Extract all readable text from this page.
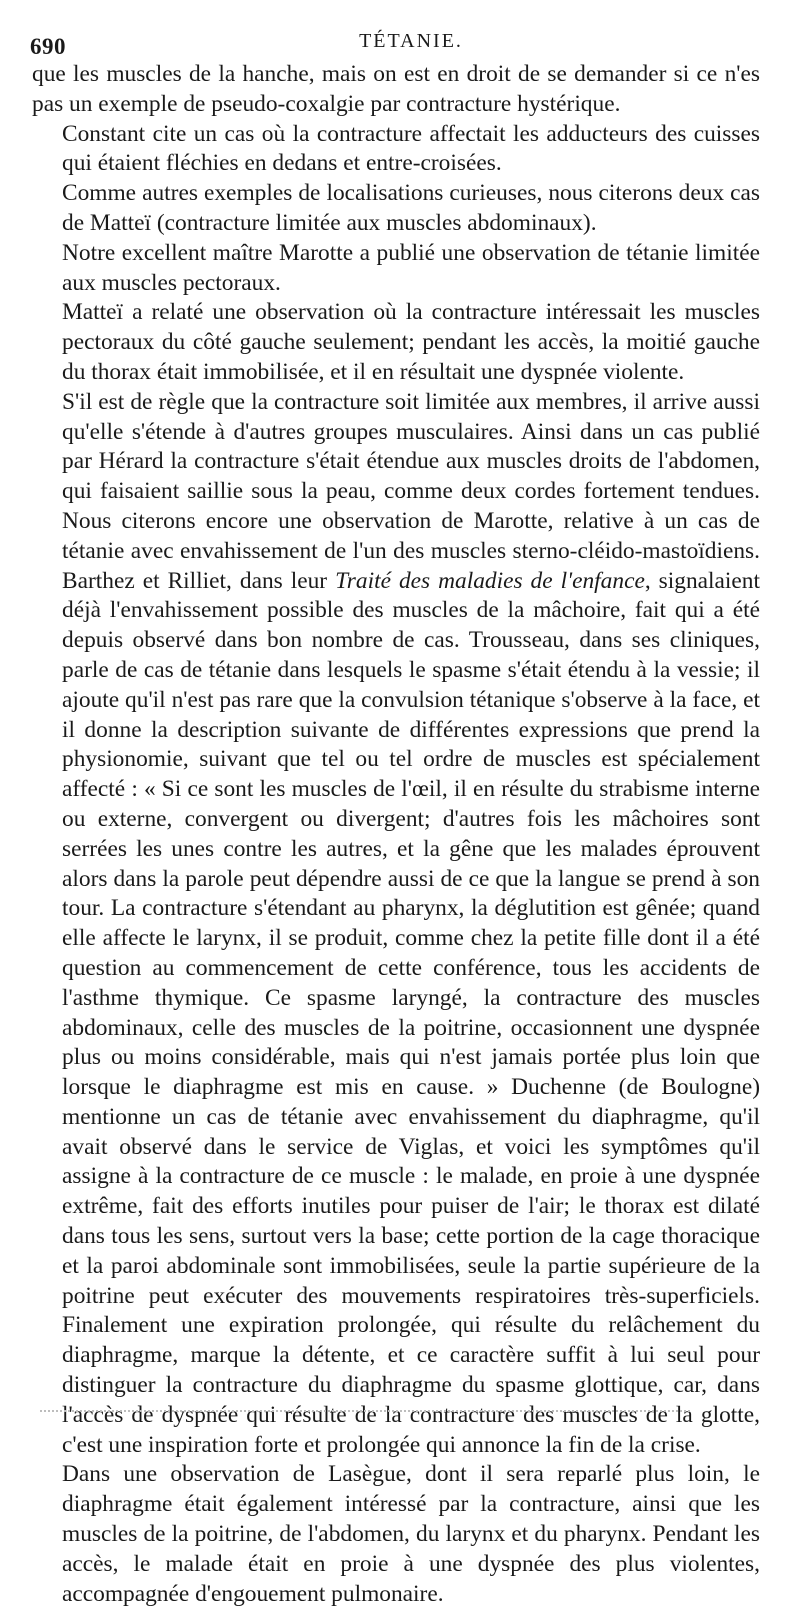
690	TÉTANIE.

que les muscles de la hanche, mais on est en droit de se demander si ce n'es pas un exemple de pseudo-coxalgie par contracture hystérique.

Constant cite un cas où la contracture affectait les adducteurs des cuisses qui étaient fléchies en dedans et entre-croisées.

Comme autres exemples de localisations curieuses, nous citerons deux cas de Matteï (contracture limitée aux muscles abdominaux).

Notre excellent maître Marotte a publié une observation de tétanie limitée aux muscles pectoraux.

Matteï a relaté une observation où la contracture intéressait les muscles pectoraux du côté gauche seulement; pendant les accès, la moitié gauche du thorax était immobilisée, et il en résultait une dyspnée violente.

S'il est de règle que la contracture soit limitée aux membres, il arrive aussi qu'elle s'étende à d'autres groupes musculaires. Ainsi dans un cas publié par Hérard la contracture s'était étendue aux muscles droits de l'abdomen, qui faisaient saillie sous la peau, comme deux cordes fortement tendues. Nous citerons encore une observation de Marotte, relative à un cas de tétanie avec envahissement de l'un des muscles sterno-cléido-mastoïdiens. Barthez et Rilliet, dans leur Traité des maladies de l'enfance, signalaient déjà l'envahissement possible des muscles de la mâchoire, fait qui a été depuis observé dans bon nombre de cas. Trousseau, dans ses cliniques, parle de cas de tétanie dans lesquels le spasme s'était étendu à la vessie; il ajoute qu'il n'est pas rare que la convulsion tétanique s'observe à la face, et il donne la description suivante de différentes expressions que prend la physionomie, suivant que tel ou tel ordre de muscles est spécialement affecté : « Si ce sont les muscles de l'œil, il en résulte du strabisme interne ou externe, convergent ou divergent; d'autres fois les mâchoires sont serrées les unes contre les autres, et la gêne que les malades éprouvent alors dans la parole peut dépendre aussi de ce que la langue se prend à son tour. La contracture s'étendant au pharynx, la déglutition est gênée; quand elle affecte le larynx, il se produit, comme chez la petite fille dont il a été question au commencement de cette conférence, tous les accidents de l'asthme thymique. Ce spasme laryngé, la contracture des muscles abdominaux, celle des muscles de la poitrine, occasionnent une dyspnée plus ou moins considérable, mais qui n'est jamais portée plus loin que lorsque le diaphragme est mis en cause. » Duchenne (de Boulogne) mentionne un cas de tétanie avec envahissement du diaphragme, qu'il avait observé dans le service de Viglas, et voici les symptômes qu'il assigne à la contracture de ce muscle : le malade, en proie à une dyspnée extrême, fait des efforts inutiles pour puiser de l'air; le thorax est dilaté dans tous les sens, surtout vers la base; cette portion de la cage thoracique et la paroi abdominale sont immobilisées, seule la partie supérieure de la poitrine peut exécuter des mouvements respiratoires très-superficiels. Finalement une expiration prolongée, qui résulte du relâchement du diaphragme, marque la détente, et ce caractère suffit à lui seul pour distinguer la contracture du diaphragme du spasme glottique, car, dans l'accès de dyspnée qui résulte de la contracture des muscles de la glotte, c'est une inspiration forte et prolongée qui annonce la fin de la crise.

Dans une observation de Lasègue, dont il sera reparlé plus loin, le diaphragme était également intéressé par la contracture, ainsi que les muscles de la poitrine, de l'abdomen, du larynx et du pharynx. Pendant les accès, le malade était en proie à une dyspnée des plus violentes, accompagnée d'engouement pulmonaire.
